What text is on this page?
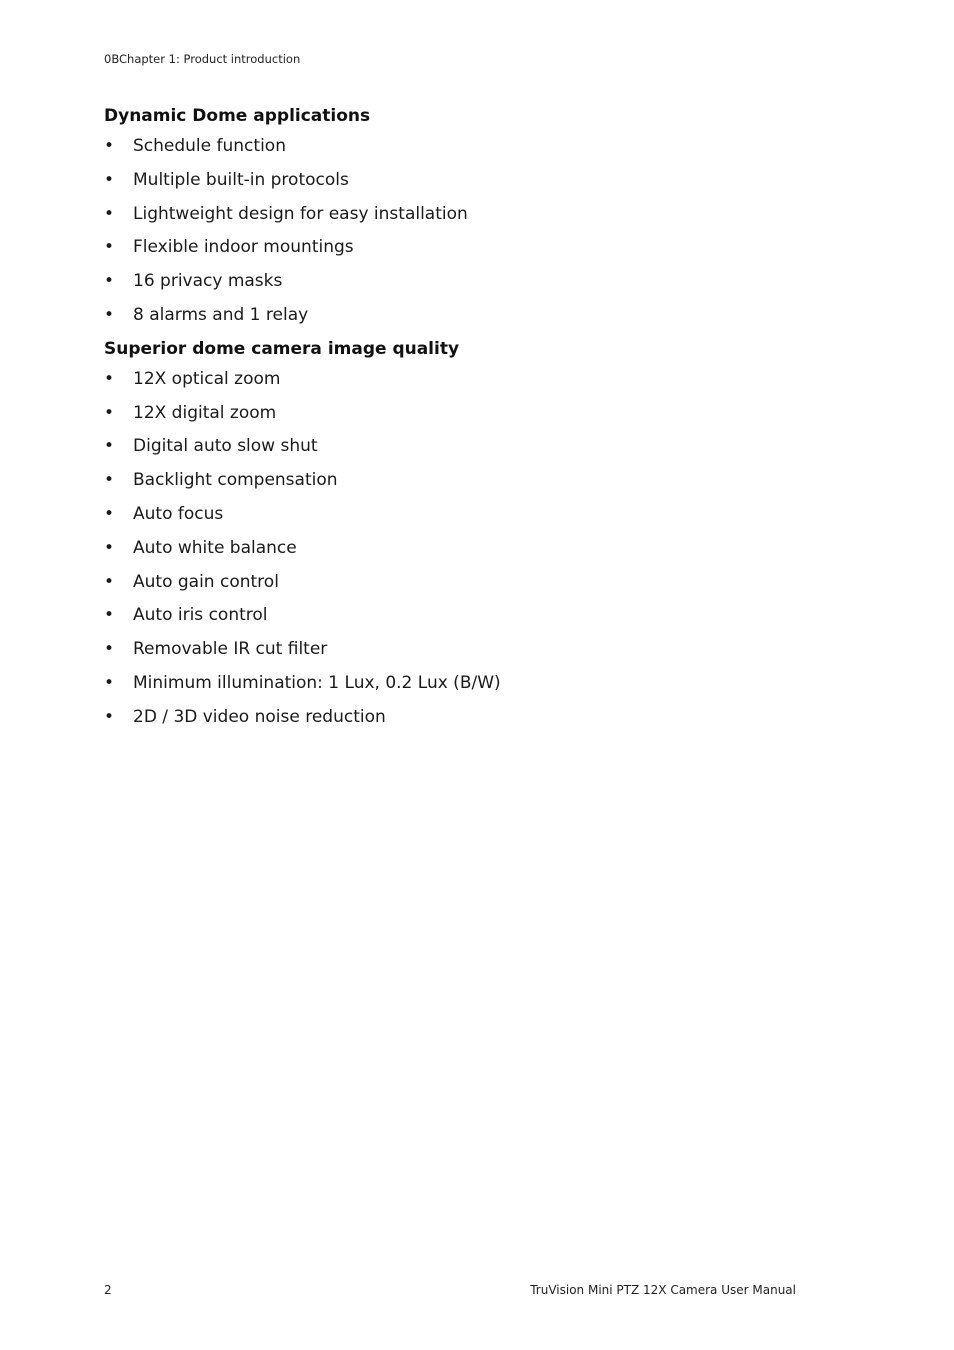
0BChapter 1: Product introduction
Dynamic Dome applications
• Schedule function
• Multiple built-in protocols
• Lightweight design for easy installation
• Flexible indoor mountings
• 16 privacy masks
• 8 alarms and 1 relay
Superior dome camera image quality
• 12X optical zoom
• 12X digital zoom
• Digital auto slow shut
• Backlight compensation
• Auto focus
• Auto white balance
• Auto gain control
• Auto iris control
• Removable IR cut filter
• Minimum illumination: 1 Lux, 0.2 Lux (B/W)
• 2D / 3D video noise reduction
2	TruVision Mini PTZ 12X Camera User Manual
